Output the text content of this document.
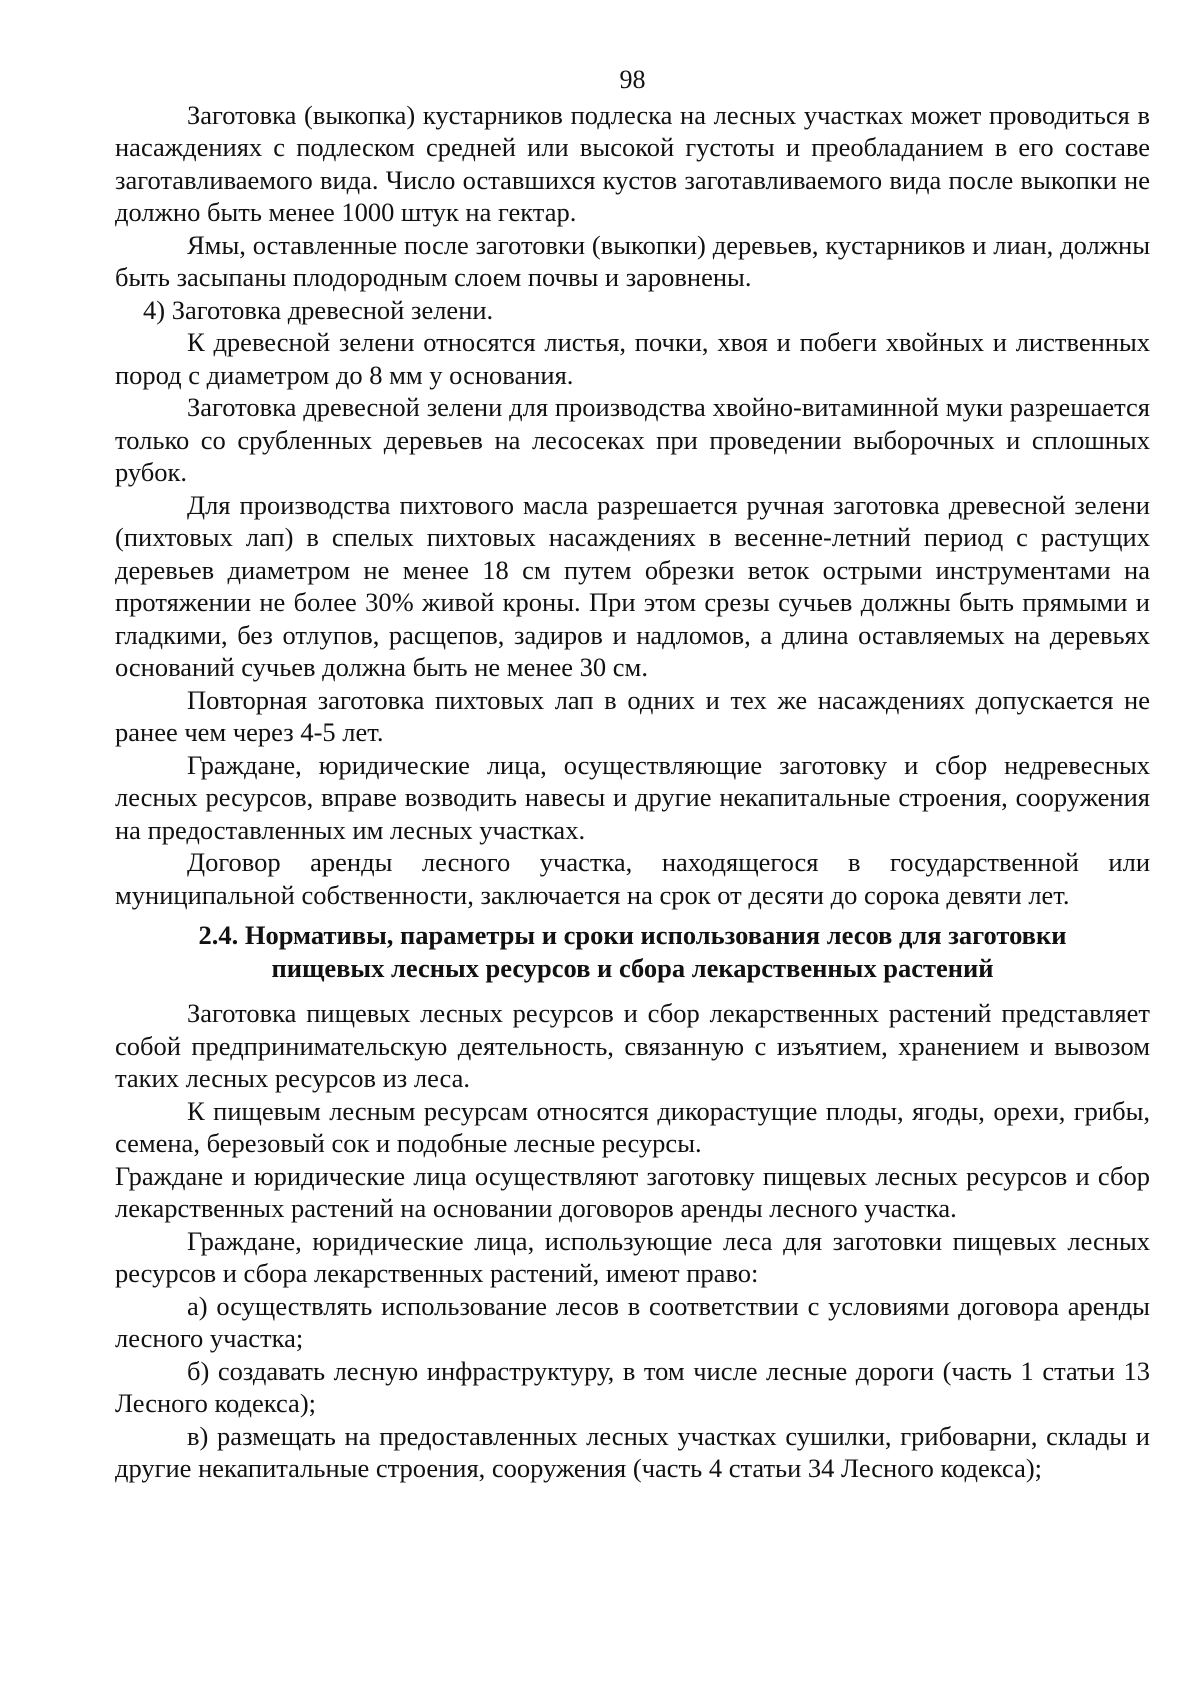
98

Заготовка (выкопка) кустарников подлеска на лесных участках может проводиться в насаждениях с подлеском средней или высокой густоты и преобладанием в его составе заготавливаемого вида. Число оставшихся кустов заготавливаемого вида после выкопки не должно быть менее 1000 штук на гектар.

Ямы, оставленные после заготовки (выкопки) деревьев, кустарников и лиан, должны быть засыпаны плодородным слоем почвы и заровнены.

4) Заготовка древесной зелени.

К древесной зелени относятся листья, почки, хвоя и побеги хвойных и лиственных пород с диаметром до 8 мм у основания.

Заготовка древесной зелени для производства хвойно-витаминной муки разрешается только со срубленных деревьев на лесосеках при проведении выборочных и сплошных рубок.

Для производства пихтового масла разрешается ручная заготовка древесной зелени (пихтовых лап) в спелых пихтовых насаждениях в весенне-летний период с растущих деревьев диаметром не менее 18 см путем обрезки веток острыми инструментами на протяжении не более 30% живой кроны. При этом срезы сучьев должны быть прямыми и гладкими, без отлупов, расщепов, задиров и надломов, а длина оставляемых на деревьях оснований сучьев должна быть не менее 30 см.

Повторная заготовка пихтовых лап в одних и тех же насаждениях допускается не ранее чем через 4-5 лет.

Граждане, юридические лица, осуществляющие заготовку и сбор недревесных лесных ресурсов, вправе возводить навесы и другие некапитальные строения, сооружения на предоставленных им лесных участках.

Договор аренды лесного участка, находящегося в государственной или муниципальной собственности, заключается на срок от десяти до сорока девяти лет.

2.4. Нормативы, параметры и сроки использования лесов для заготовки
пищевых лесных ресурсов и сбора лекарственных растений

Заготовка пищевых лесных ресурсов и сбор лекарственных растений представляет собой предпринимательскую деятельность, связанную с изъятием, хранением и вывозом таких лесных ресурсов из леса.

К пищевым лесным ресурсам относятся дикорастущие плоды, ягоды, орехи, грибы, семена, березовый сок и подобные лесные ресурсы.

Граждане и юридические лица осуществляют заготовку пищевых лесных ресурсов и сбор лекарственных растений на основании договоров аренды лесного участка.

Граждане, юридические лица, использующие леса для заготовки пищевых лесных ресурсов и сбора лекарственных растений, имеют право:

а) осуществлять использование лесов в соответствии с условиями договора аренды лесного участка;

б) создавать лесную инфраструктуру, в том числе лесные дороги (часть 1 статьи 13 Лесного кодекса);

в) размещать на предоставленных лесных участках сушилки, грибоварни, склады и другие некапитальные строения, сооружения (часть 4 статьи 34 Лесного кодекса);
